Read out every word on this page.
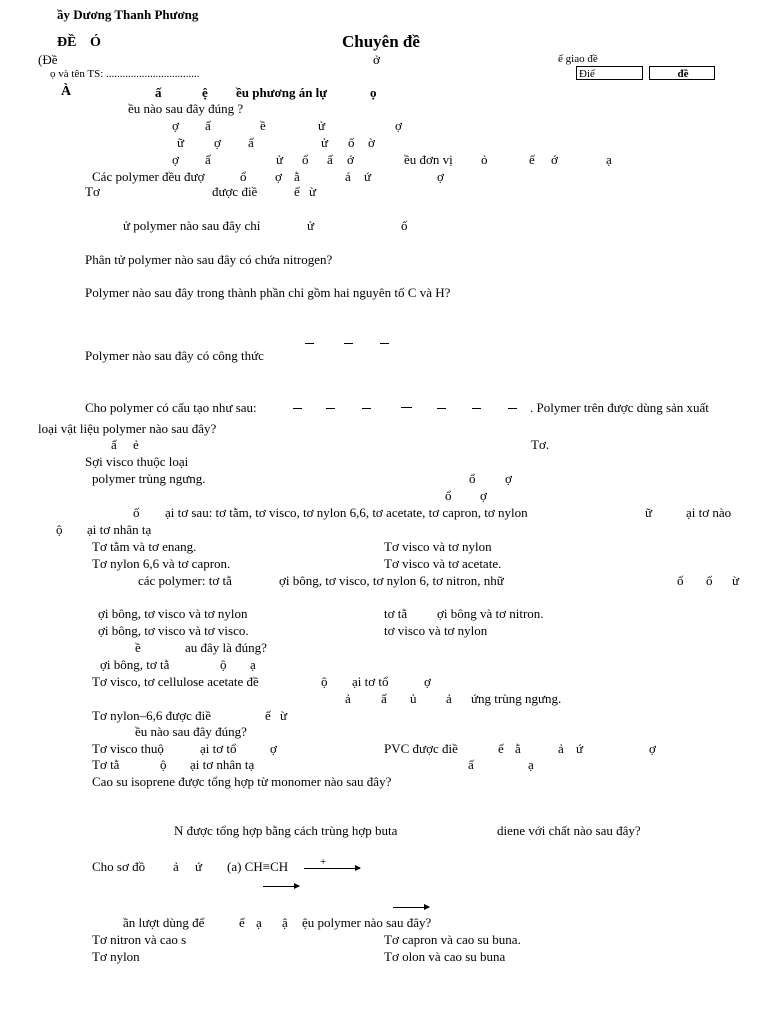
ầy Dương Thanh Phương
ĐỀ Ó	Chuyên đề
(Đề	ở	ể giao đề
ọ và tên TS: ..................................	Điể	đề
À	ấ	ệ ều phương án lự	ọ
ều nào sau đây đúng ?
ợ ấ	ề	ử	ợ
ữ ợ ấ	ử ố ờ
ợ ấ	ử ố ấ ớ	ều đơn vị ỏ	ế ớ	ạ
Các polymer đều đượ	ổ ợ ằ	á ứ	ợ
Tơ	được điề	ế ừ
ử polymer nào sau đây chỉ	ử	ố
Phân tử polymer nào sau đây có chứa nitrogen?
Polymer nào sau đây trong thành phần chỉ gồm hai nguyên tố C và H?
Polymer nào sau đây có công thức
Cho polymer có cấu tạo như sau:	. Polymer trên được dùng sản xuất
loại vật liệu polymer nào sau đây?
ấ ẻ	Tơ.
Sợi visco thuộc loại
polymer trùng ngưng.	ổ ợ
ổ ợ
ố ại tơ sau: tơ tằm, tơ visco, tơ nylon 6,6, tơ acetate, tơ capron, tơ nylon	ữ	ại tơ nào
ộ ại tơ nhân tạ
Tơ tằm và tơ enang.	Tơ visco và tơ nylon
Tơ nylon 6,6 và tơ capron.	Tơ visco và tơ acetate.
các polymer: tơ tằ	ợi bông, tơ visco, tơ nylon 6, tơ nitron, nhữ	ố ố ừ
ợi bông, tơ visco và tơ nylon	tơ tằ ợi bông và tơ nitron.
ợi bông, tơ visco và tơ visco.	tơ visco và tơ nylon
ề	au đây là đúng?
ợi bông, tơ tằ	ộ ạ
Tơ visco, tơ cellulose acetate đề	ộ ại tơ tổ	ợ
ả ẩ ủ ả ứng trùng ngưng.
Tơ nylon–6,6 được điề	ế ừ
ều nào sau đây đúng?
Tơ visco thuộ	ại tơ tổ	ợ	PVC được điề	ế ằ	ả ứ	ợ
Tơ tằ	ộ ại tơ nhân tạ	ấ	ạ
Cao su isoprene được tổng hợp từ monomer nào sau đây?
N được tổng hợp bằng cách trùng hợp buta	diene với chất nào sau đây?
Cho sơ đồ ả ứ (a) CH≡CH	+
ần lượt dùng để	ế ạ ậ ệu polymer nào sau đây?
Tơ nitron và cao s	Tơ capron và cao su buna.
Tơ nylon	Tơ olon và cao su buna
